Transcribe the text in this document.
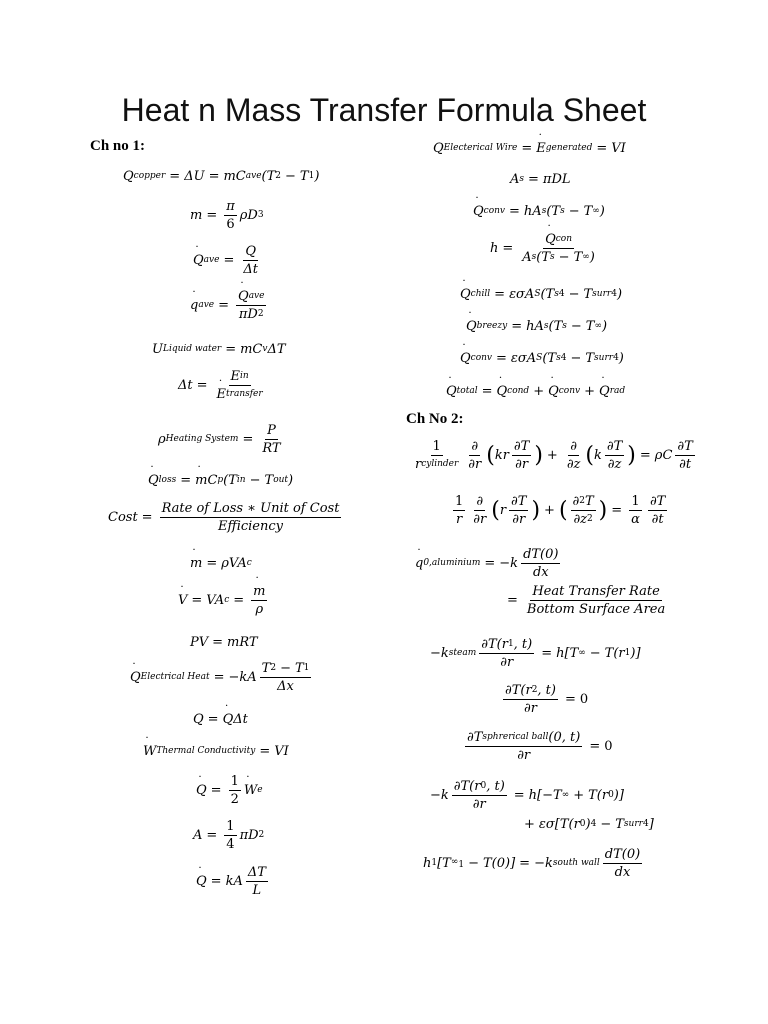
Heat n Mass Transfer Formula Sheet
Ch no 1:
Ch No 2:
Q copper = ΔU = mC ave (T 2 − T 1 )
$m = \frac{\pi}{6}$ ρD 3
Q ˙ ave = $\frac{Q}{\Delta t}$
q ˙ ave = $\frac{\text{Q ˙ ave}}{\pi D 2}$
U Liquid water = mC v ΔT
$\Delta t = \frac{\text{E in}}{\text{E ˙ transfer}}$
ρ Heating System = $\frac{P}{RT}$
Q ˙ loss = m ˙ C p (T in − T out )
Cost = $\frac{\text{Rate of Loss ∗ Unit of Cost}}{\text{Efficiency}}$
m ˙ = ρVA c
V ˙ = VA $c = \frac{m ˙}{\rho}$
PV = mRT
Q ˙ Electrical Heat = $-kA \frac{T 2 - T 1}{\Delta x}$
Q = Q ˙ Δt
W ˙ Thermal Conductivity = VI
Q ˙ = $\frac{1}{2}$ W ˙ e
$A = \frac{1}{4}$ πD 2
Q ˙ = kA $\frac{\Delta T}{L}$
Q Electerical Wire = E ˙ generated = VI
A s = πDL
Q ˙ conv = hA s (T s − T ∞ )
$h = \frac{\text{Q ˙ con}}{\text{A s (T s − T ∞ )}}$
Q ˙ chill = εσA S (T s 4 − T surr 4 )
Q ˙ breezy = hA s (T s − T ∞ )
Q ˙ conv = εσA S (T s 4 − T surr 4 )
Q ˙ total = Q ˙ cond + Q ˙ conv + Q ˙ rad
$\frac{1}{\text{r cylinder}} \frac{\partial}{\partial r}$ ( kr $\frac{\partial T}{\partial r}$ ) + $\frac{\partial}{\partial z}$ ( k $\frac{\partial T}{\partial z}$ ) = ρC $\frac{\partial T}{\partial t}$
$\frac{1}{r} \frac{\partial}{\partial r}$ ( r $\frac{\partial T}{\partial r}$ ) + ( $\frac{\partial 2 T}{\partial z 2}$ ) = $\frac{1}{\alpha} \frac{\partial T}{\partial t}$
q ˙ 0,aluminium = $-k \frac{dT(0)}{dx}$
= $\frac{\text{Heat Transfer Rate}}{\text{Bottom Surface Area}}$
−k steam $\frac{\partial T(r 1 , t)}{\partial r} = h[T$ ∞ − T(r 1 )]
$\frac{\partial T(r 2 , t)}{\partial r} = 0$
$\frac{\text{∂T sphrerical ball (0, t)}}{\partial r} = 0$
$-k \frac{\partial T(r 0 , t)}{\partial r} = h[-T$ ∞ + T(r 0 )]
+ εσ[T(r 0 ) 4 − T surr 4 ]
h 1 [T $\infty_1 - T(0)] = -k$ south wall $\frac{dT(0)}{dx}$
